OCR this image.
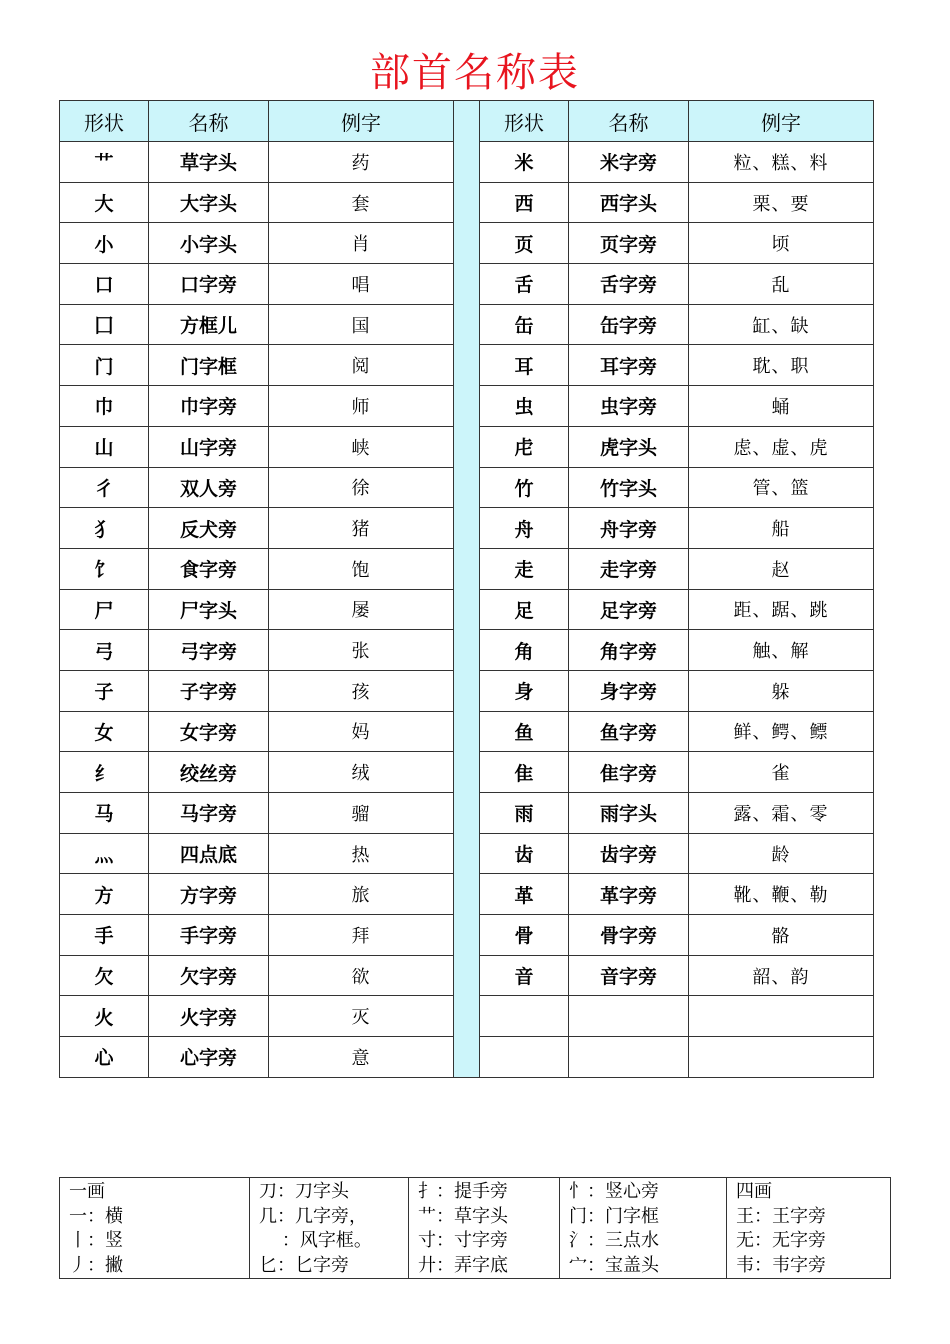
部首名称表
形状	名称	例字		形状	名称	例字
艹	草字头	药		米	米字旁	粒、糕、料
大	大字头	套		西	西字头	栗、要
小	小字头	肖		页	页字旁	顷
口	口字旁	唱		舌	舌字旁	乱
囗	方框儿	国		缶	缶字旁	缸、缺
门	门字框	阅		耳	耳字旁	耽、职
巾	巾字旁	师		虫	虫字旁	蛹
山	山字旁	峡		虍	虎字头	虑、虚、虎
彳	双人旁	徐		竹	竹字头	管、篮
犭	反犬旁	猪		舟	舟字旁	船
饣	食字旁	饱		走	走字旁	赵
尸	尸字头	屡		足	足字旁	距、踞、跳
弓	弓字旁	张		角	角字旁	触、解
子	子字旁	孩		身	身字旁	躲
女	女字旁	妈		鱼	鱼字旁	鲜、鳄、鳔
纟	绞丝旁	绒		隹	隹字旁	雀
马	马字旁	骝		雨	雨字头	露、霜、零
灬	四点底	热		齿	齿字旁	龄
方	方字旁	旅		革	革字旁	靴、鞭、勒
手	手字旁	拜		骨	骨字旁	骼
欠	欠字旁	欲		音	音字旁	韶、韵
火	火字旁	灭				
心	心字旁	意				
一画
一：横
丨：竖
丿：撇

刀：刀字头
几：几字旁，
：风字框。
匕：匕字旁

扌：提手旁
艹：草字头
寸：寸字旁
廾：弄字底

忄：竖心旁
门：门字框
氵：三点水
宀：宝盖头

四画
王：王字旁
无：无字旁
韦：韦字旁
